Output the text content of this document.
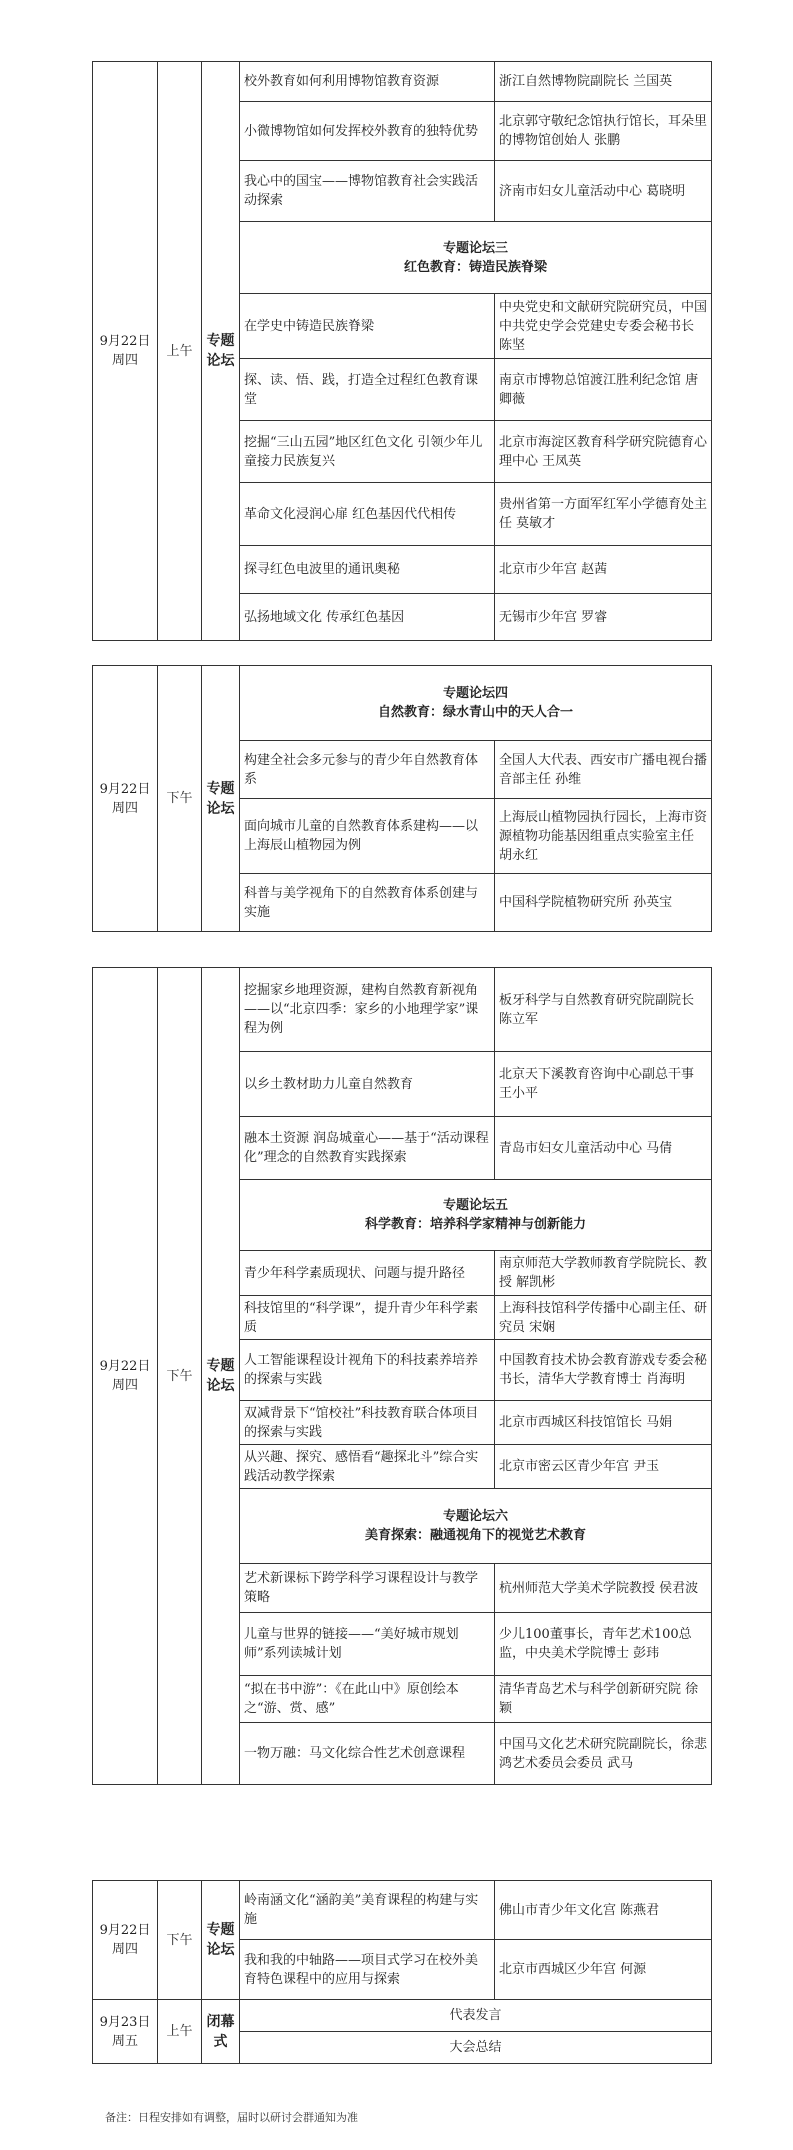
9月22日
周四	上午	专题论坛	校外教育如何利用博物馆教育资源	浙江自然博物院副院长 兰国英
			小微博物馆如何发挥校外教育的独特优势	北京郭守敬纪念馆执行馆长，耳朵里的博物馆创始人 张鹏
			我心中的国宝——博物馆教育社会实践活动探索	济南市妇女儿童活动中心 葛晓明

			专题论坛三
红色教育：铸造民族脊梁	

			在学史中铸造民族脊梁	中央党史和文献研究院研究员，中国中共党史学会党建史专委会秘书长 陈坚
			探、读、悟、践，打造全过程红色教育课堂	南京市博物总馆渡江胜利纪念馆 唐卿薇
			挖掘“三山五园”地区红色文化 引领少年儿童接力民族复兴	北京市海淀区教育科学研究院德育心理中心 王凤英
			革命文化浸润心扉 红色基因代代相传	贵州省第一方面军红军小学德育处主任 莫敏才
			探寻红色电波里的通讯奥秘	北京市少年宫 赵茜
			弘扬地域文化 传承红色基因	无锡市少年宫 罗睿
9月22日
周四	下午	专题论坛	专题论坛四
自然教育：绿水青山中的天人合一	

			构建全社会多元参与的青少年自然教育体系	全国人大代表、西安市广播电视台播音部主任 孙维
			面向城市儿童的自然教育体系建构——以上海辰山植物园为例	上海辰山植物园执行园长，上海市资源植物功能基因组重点实验室主任 胡永红
			科普与美学视角下的自然教育体系创建与实施	中国科学院植物研究所 孙英宝
9月22日
周四	下午	专题论坛	挖掘家乡地理资源，建构自然教育新视角——以“北京四季：家乡的小地理学家”课程为例	板牙科学与自然教育研究院副院长 陈立军
			以乡土教材助力儿童自然教育	北京天下溪教育咨询中心副总干事 王小平
			融本土资源 润岛城童心——基于“活动课程化”理念的自然教育实践探索	青岛市妇女儿童活动中心 马倩

			专题论坛五
科学教育：培养科学家精神与创新能力	

			青少年科学素质现状、问题与提升路径	南京师范大学教师教育学院院长、教授 解凯彬
			科技馆里的“科学课”，提升青少年科学素质	上海科技馆科学传播中心副主任、研究员 宋娴
			人工智能课程设计视角下的科技素养培养的探索与实践	中国教育技术协会教育游戏专委会秘书长，清华大学教育博士 肖海明
			双减背景下“馆校社”科技教育联合体项目的探索与实践	北京市西城区科技馆馆长 马娟
			从兴趣、探究、感悟看“趣探北斗”综合实践活动教学探索	北京市密云区青少年宫 尹玉

			专题论坛六
美育探索：融通视角下的视觉艺术教育	

			艺术新课标下跨学科学习课程设计与教学策略	杭州师范大学美术学院教授 侯君波
			儿童与世界的链接——“美好城市规划师”系列读城计划	少儿100董事长，青年艺术100总监，中央美术学院博士 彭玮
			“拟在书中游”：《在此山中》原创绘本之“游、赏、感”	清华青岛艺术与科学创新研究院 徐颖
			一物万融：马文化综合性艺术创意课程	中国马文化艺术研究院副院长，徐悲鸿艺术委员会委员 武马
9月22日
周四	下午	专题论坛	岭南涵文化“涵韵美”美育课程的构建与实施	佛山市青少年文化宫 陈燕君
			我和我的中轴路——项目式学习在校外美育特色课程中的应用与探索	北京市西城区少年宫 何源

9月23日
周五	上午	闭幕式	代表发言	
			大会总结	
备注：日程安排如有调整，届时以研讨会群通知为准
